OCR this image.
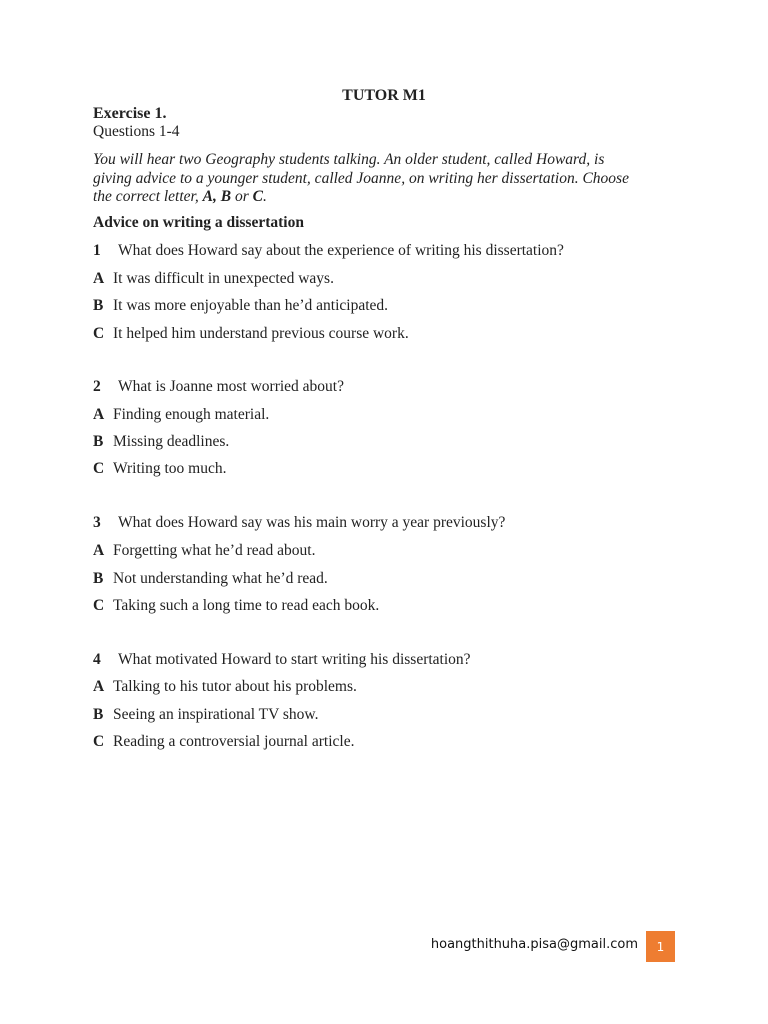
TUTOR M1
Exercise 1.
Questions 1-4
You will hear two Geography students talking. An older student, called Howard, is
giving advice to a younger student, called Joanne, on writing her dissertation. Choose
the correct letter, A, B or C.
Advice on writing a dissertation
1 What does Howard say about the experience of writing his dissertation?
A It was difficult in unexpected ways.
B It was more enjoyable than he’d anticipated.
C It helped him understand previous course work.
2 What is Joanne most worried about?
A Finding enough material.
B Missing deadlines.
C Writing too much.
3 What does Howard say was his main worry a year previously?
A Forgetting what he’d read about.
B Not understanding what he’d read.
C Taking such a long time to read each book.
4 What motivated Howard to start writing his dissertation?
A Talking to his tutor about his problems.
B Seeing an inspirational TV show.
C Reading a controversial journal article.
hoangthithuha.pisa@gmail.com	1
